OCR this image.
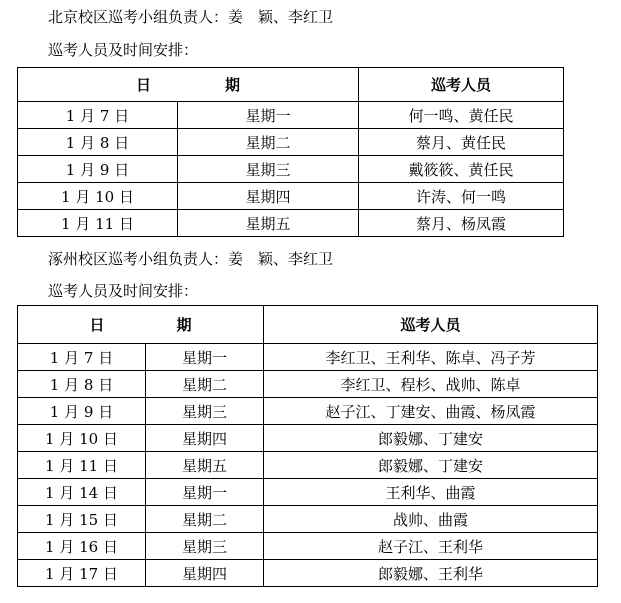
北京校区巡考小组负责人：姜　颖、李红卫
巡考人员及时间安排：
日 期		巡考人员
1 月 7 日	星期一	何一鸣、黄任民
1 月 8 日	星期二	蔡月、黄任民
1 月 9 日	星期三	戴筱筱、黄任民
1 月 10 日	星期四	许涛、何一鸣
1 月 11 日	星期五	蔡月、杨凤霞
涿州校区巡考小组负责人：姜　颖、李红卫
巡考人员及时间安排：
日 期		巡考人员
1 月 7 日	星期一	李红卫、王利华、陈卓、冯子芳
1 月 8 日	星期二	李红卫、程杉、战帅、陈卓
1 月 9 日	星期三	赵子江、丁建安、曲霞、杨凤霞
1 月 10 日	星期四	郎毅娜、丁建安
1 月 11 日	星期五	郎毅娜、丁建安
1 月 14 日	星期一	王利华、曲霞
1 月 15 日	星期二	战帅、曲霞
1 月 16 日	星期三	赵子江、王利华
1 月 17 日	星期四	郎毅娜、王利华
